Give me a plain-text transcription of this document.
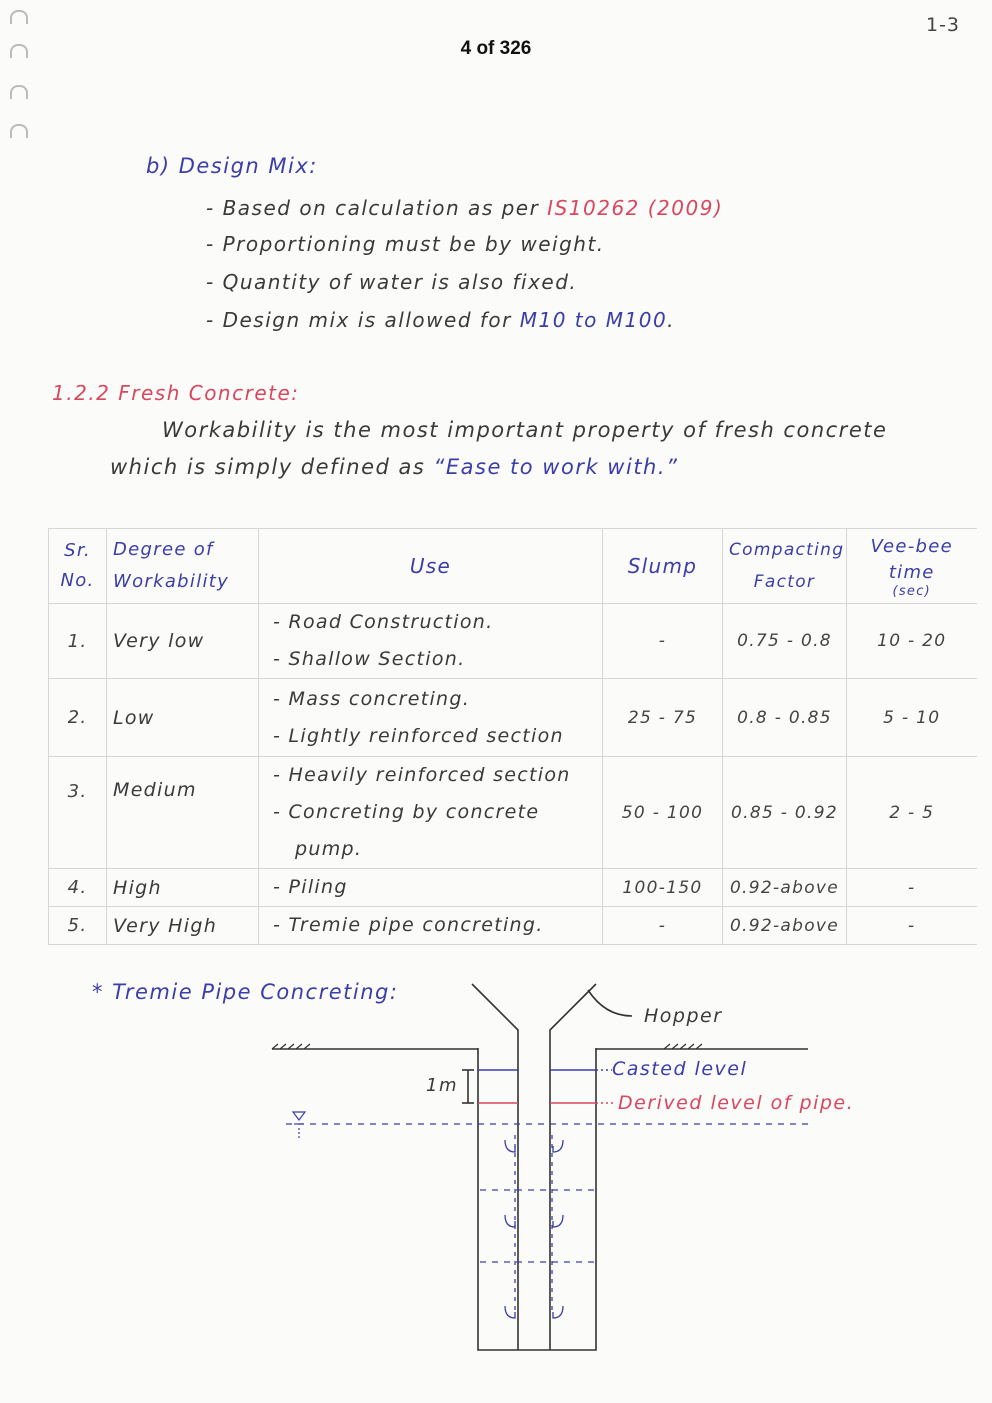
4 of 326
1-3
b) Design Mix:
- Based on calculation as per IS10262 (2009)
- Proportioning must be by weight.
- Quantity of water is also fixed.
- Design mix is allowed for M10 to M100.
1.2.2 Fresh Concrete:
Workability is the most important property of fresh concrete
which is simply defined as “Ease to work with.”
Sr. No.	Degree of Workability	Use	Slump	Compacting Factor	Vee-bee time
(sec)

1.	Very low	- Road Construction.
- Shallow Section.	-	0.75 - 0.8	10 - 20
2.	Low	- Mass concreting.
- Lightly reinforced section	25 - 75	0.8 - 0.85	5 - 10
3.	Medium	- Heavily reinforced section
- Concreting by concrete
pump.	50 - 100	0.85 - 0.92	2 - 5
4.	High	- Piling	100-150	0.92-above	-
5.	Very High	- Tremie pipe concreting.	-	0.92-above	-
* Tremie Pipe Concreting:
Hopper
Casted level
Derived level of pipe.
1m
